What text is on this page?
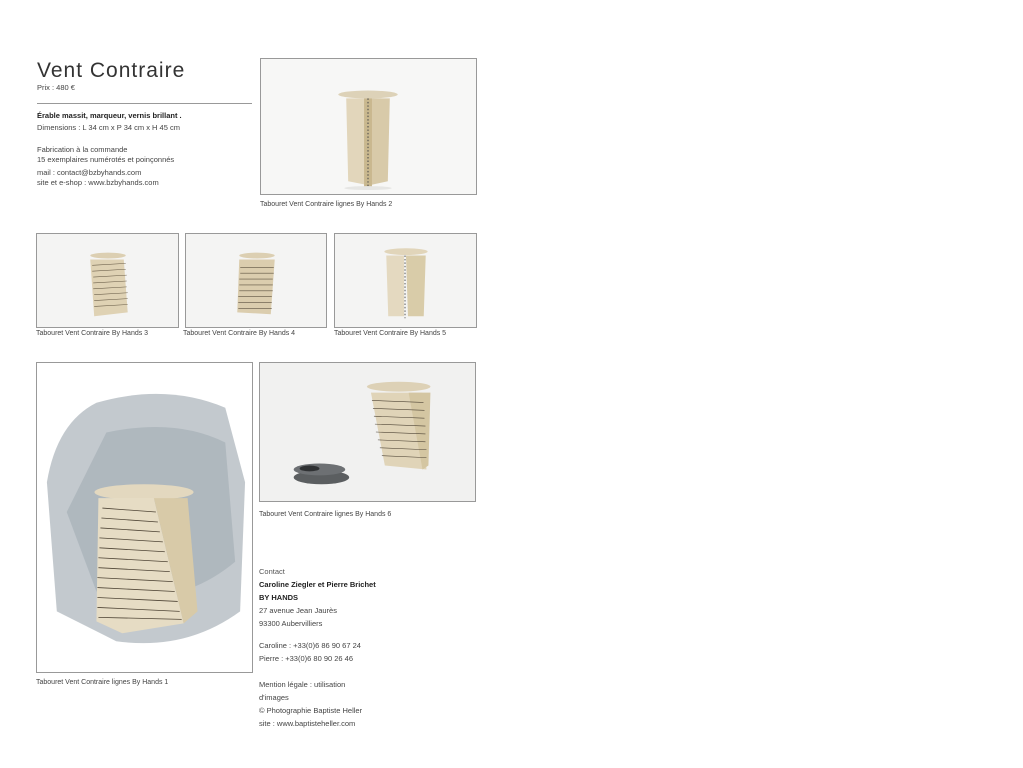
Vent Contraire
Prix : 480 €
Érable massit, marqueur, vernis brillant .
Dimensions : L 34 cm x P 34 cm x H 45 cm
Fabrication à la commande
15 exemplaires numérotés et poinçonnés
mail : contact@bzbyhands.com
site et e-shop : www.bzbyhands.com
Tabouret Vent Contraire lignes By Hands 2
Tabouret Vent Contraire By Hands 3	Tabouret Vent Contraire By Hands 4	Tabouret Vent Contraire By Hands 5
Tabouret Vent Contraire lignes By Hands 1
Tabouret Vent Contraire lignes By Hands 6
Contact
Caroline Ziegler et Pierre Brichet
BY HANDS
27 avenue Jean Jaurès
93300 Aubervilliers
Caroline : +33(0)6 86 90 67 24
Pierre : +33(0)6 80 90 26 46
Mention légale : utilisation
d'images
© Photographie Baptiste Heller
site : www.baptisteheller.com
